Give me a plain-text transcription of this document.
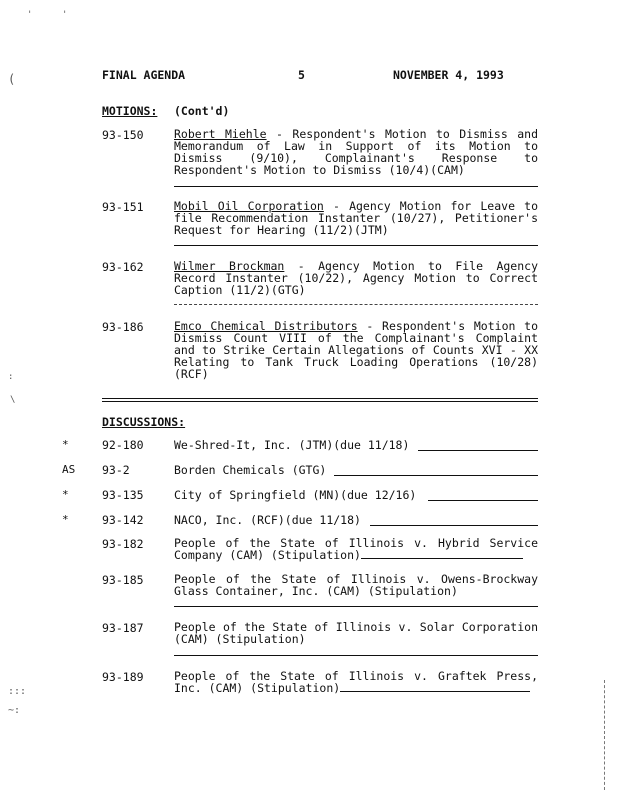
'	'
(
:
\
:::
~:
FINAL AGENDA	5	NOVEMBER 4, 1993
MOTIONS: (Cont'd)
93-150	Robert Miehle - Respondent's Motion to Dismiss and Memorandum of Law in Support of its Motion to Dismiss (9/10), Complainant's Response to Respondent's Motion to Dismiss (10/4)(CAM)
93-151	Mobil Oil Corporation - Agency Motion for Leave to file Recommendation Instanter (10/27), Petitioner's Request for Hearing (11/2)(JTM)
93-162	Wilmer Brockman - Agency Motion to File Agency Record Instanter (10/22), Agency Motion to Correct Caption (11/2)(GTG)
93-186	Emco Chemical Distributors - Respondent's Motion to Dismiss Count VIII of the Complainant's Complaint and to Strike Certain Allegations of Counts XVI - XX Relating to Tank Truck Loading Operations (10/28)(RCF)
DISCUSSIONS:
*	92-180	We-Shred-It, Inc. (JTM)(due 11/18)
AS 93-2	Borden Chemicals (GTG)
*	93-135	City of Springfield (MN)(due 12/16)
*	93-142	NACO, Inc. (RCF)(due 11/18)
93-182	People of the State of Illinois v. Hybrid Service Company (CAM) (Stipulation)
93-185	People of the State of Illinois v. Owens-Brockway Glass Container, Inc. (CAM) (Stipulation)
93-187	People of the State of Illinois v. Solar Corporation (CAM) (Stipulation)
93-189	People of the State of Illinois v. Graftek Press, Inc. (CAM) (Stipulation)
